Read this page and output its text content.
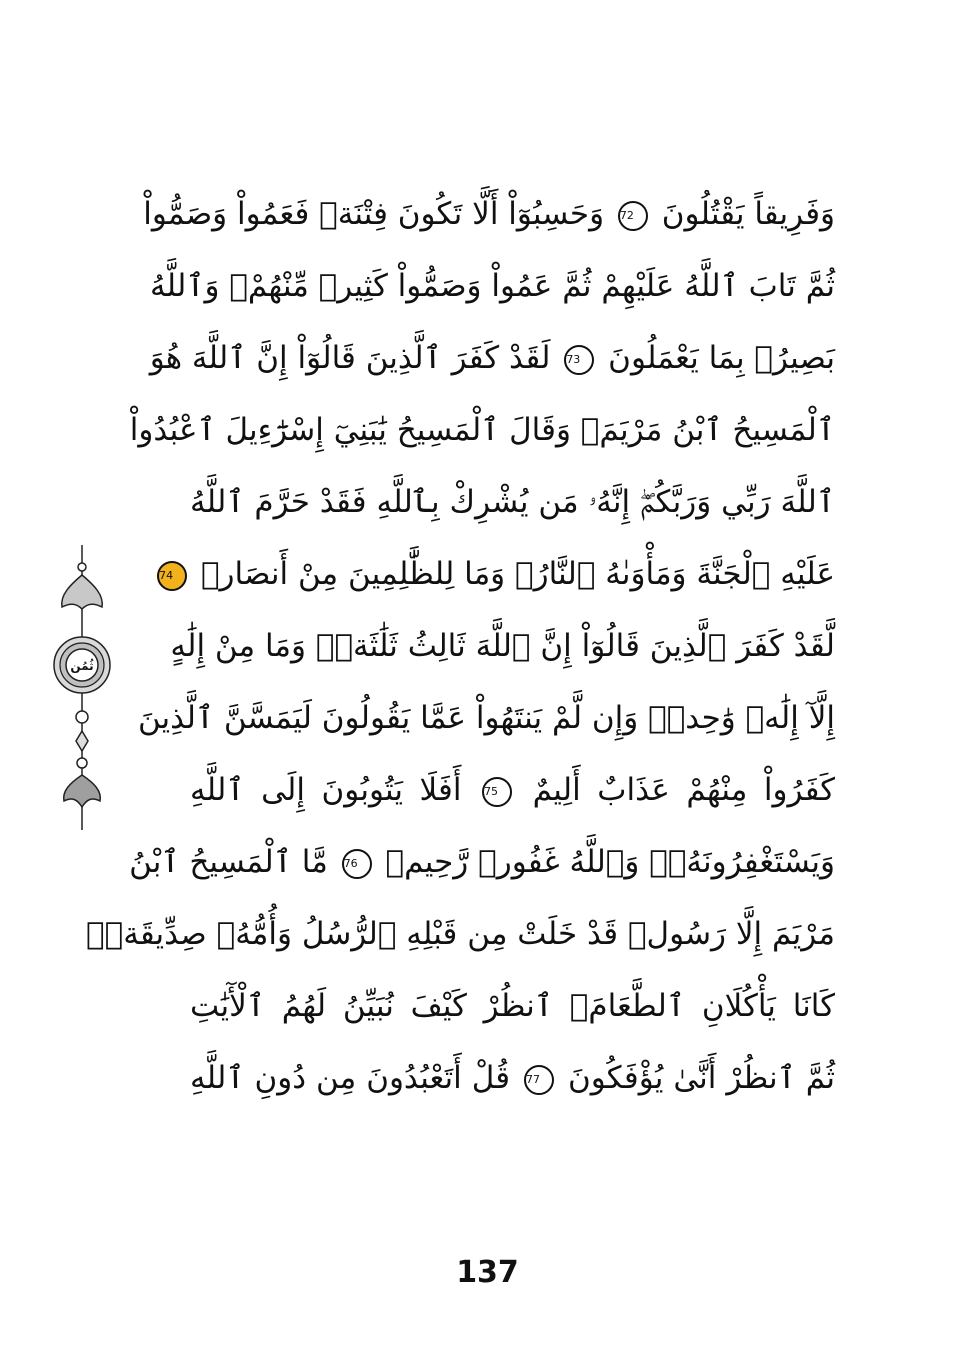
وَفَرِيقاً يَقْتُلُونَ 72 وَحَسِبُوٓاْ أَلَّا تَكُونَ فِتْنَةٞ فَعَمُواْ وَصَمُّواْ
ثُمَّ تَابَ ٱللَّهُ عَلَيْهِمْ ثُمَّ عَمُواْ وَصَمُّواْ كَثِيرٞ مِّنْهُمْۚ وَٱللَّهُ
بَصِيرُۢ بِمَا يَعْمَلُونَ 73 لَقَدْ كَفَرَ ٱلَّذِينَ قَالُوٓاْ إِنَّ ٱللَّهَ هُوَ
ٱلْمَسِيحُ ٱبْنُ مَرْيَمَۖ وَقَالَ ٱلْمَسِيحُ يَٰبَنِيٓ إِسْرَٰٓءِيلَ ٱعْبُدُواْ
ٱللَّهَ رَبِّي وَرَبَّكُمْۖ إِنَّهُۥ مَن يُشْرِكْ بِٱللَّهِ فَقَدْ حَرَّمَ ٱللَّهُ
عَلَيْهِ ٱلْجَنَّةَ وَمَأْوَىٰهُ ٱلنَّارُۖ وَمَا لِلظَّٰلِمِينَ مِنْ أَنصَارٖ 74
لَّقَدْ كَفَرَ ٱلَّذِينَ قَالُوٓاْ إِنَّ ٱللَّهَ ثَالِثُ ثَلَٰثَةٖۘ وَمَا مِنْ إِلَٰهٍ
إِلَّآ إِلَٰهٞ وَٰحِدٞۚ وَإِن لَّمْ يَنتَهُواْ عَمَّا يَقُولُونَ لَيَمَسَّنَّ ٱلَّذِينَ
كَفَرُواْ مِنْهُمْ عَذَابٌ أَلِيمٌ 75 أَفَلَا يَتُوبُونَ إِلَى ٱللَّهِ
وَيَسْتَغْفِرُونَهُۥۚ وَٱللَّهُ غَفُورٞ رَّحِيمٞ 76 مَّا ٱلْمَسِيحُ ٱبْنُ
مَرْيَمَ إِلَّا رَسُولٞ قَدْ خَلَتْ مِن قَبْلِهِ ٱلرُّسُلُ وَأُمُّهُۥ صِدِّيقَةٞۖ
كَانَا يَأْكُلَانِ ٱلطَّعَامَۗ ٱنظُرْ كَيْفَ نُبَيِّنُ لَهُمُ ٱلْأٓيَٰتِ
ثُمَّ ٱنظُرْ أَنَّىٰ يُؤْفَكُونَ 77 قُلْ أَتَعْبُدُونَ مِن دُونِ ٱللَّهِ
ثُمُن
137
